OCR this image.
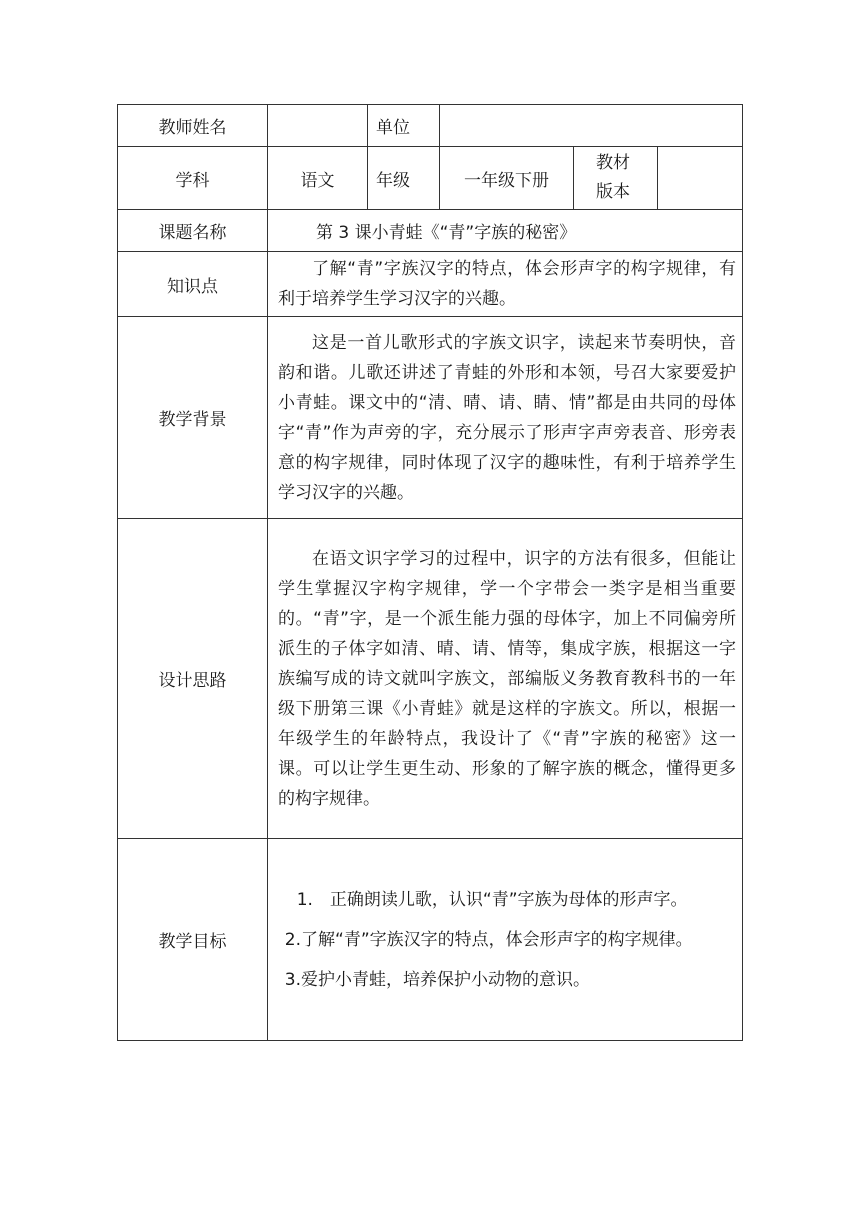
教师姓名		单位			
学科	语文	年级	一年级下册	教材版本	
课题名称	第 3 课小青蛙《“青”字族的秘密》				
知识点	了解“青”字族汉字的特点，体会形声字的构字规律，有利于培养学生学习汉字的兴趣。				
教学背景	这是一首儿歌形式的字族文识字，读起来节奏明快，音韵和谐。儿歌还讲述了青蛙的外形和本领，号召大家要爱护小青蛙。课文中的“清、晴、请、睛、情”都是由共同的母体字“青”作为声旁的字，充分展示了形声字声旁表音、形旁表意的构字规律，同时体现了汉字的趣味性，有利于培养学生学习汉字的兴趣。				
设计思路	在语文识字学习的过程中，识字的方法有很多，但能让学生掌握汉字构字规律，学一个字带会一类字是相当重要的。“青”字，是一个派生能力强的母体字，加上不同偏旁所派生的子体字如清、晴、请、情等，集成字族，根据这一字族编写成的诗文就叫字族文，部编版义务教育教科书的一年级下册第三课《小青蛙》就是这样的字族文。所以，根据一年级学生的年龄特点，我设计了《“青”字族的秘密》这一课。可以让学生更生动、形象的了解字族的概念，懂得更多的构字规律。				
教学目标	1.　正确朗读儿歌，认识“青”字族为母体的形声字。

2.了解“青”字族汉字的特点，体会形声字的构字规律。

3.爱护小青蛙，培养保护小动物的意识。				
